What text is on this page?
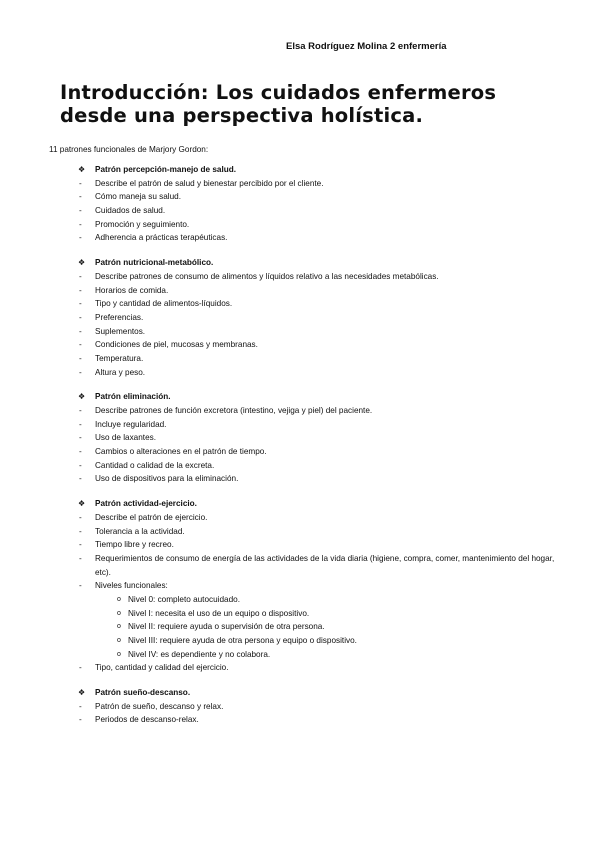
Elsa Rodríguez Molina 2 enfermería
Introducción: Los cuidados enfermeros
desde una perspectiva holística.
11 patrones funcionales de Marjory Gordon:
❖ Patrón percepción-manejo de salud.
- Describe el patrón de salud y bienestar percibido por el cliente.
- Cómo maneja su salud.
- Cuidados de salud.
- Promoción y seguimiento.
- Adherencia a prácticas terapéuticas.
❖ Patrón nutricional-metabólico.
- Describe patrones de consumo de alimentos y líquidos relativo a las necesidades metabólicas.
- Horarios de comida.
- Tipo y cantidad de alimentos-líquidos.
- Preferencias.
- Suplementos.
- Condiciones de piel, mucosas y membranas.
- Temperatura.
- Altura y peso.
❖ Patrón eliminación.
- Describe patrones de función excretora (intestino, vejiga y piel) del paciente.
- Incluye regularidad.
- Uso de laxantes.
- Cambios o alteraciones en el patrón de tiempo.
- Cantidad o calidad de la excreta.
- Uso de dispositivos para la eliminación.
❖ Patrón actividad-ejercicio.
- Describe el patrón de ejercicio.
- Tolerancia a la actividad.
- Tiempo libre y recreo.
- Requerimientos de consumo de energía de las actividades de la vida diaria (higiene, compra, comer, mantenimiento del hogar, etc).
- Niveles funcionales:
o Nivel 0: completo autocuidado.
o Nivel I: necesita el uso de un equipo o dispositivo.
o Nivel II: requiere ayuda o supervisión de otra persona.
o Nivel III: requiere ayuda de otra persona y equipo o dispositivo.
o Nivel IV: es dependiente y no colabora.
- Tipo, cantidad y calidad del ejercicio.
❖ Patrón sueño-descanso.
- Patrón de sueño, descanso y relax.
- Periodos de descanso-relax.
